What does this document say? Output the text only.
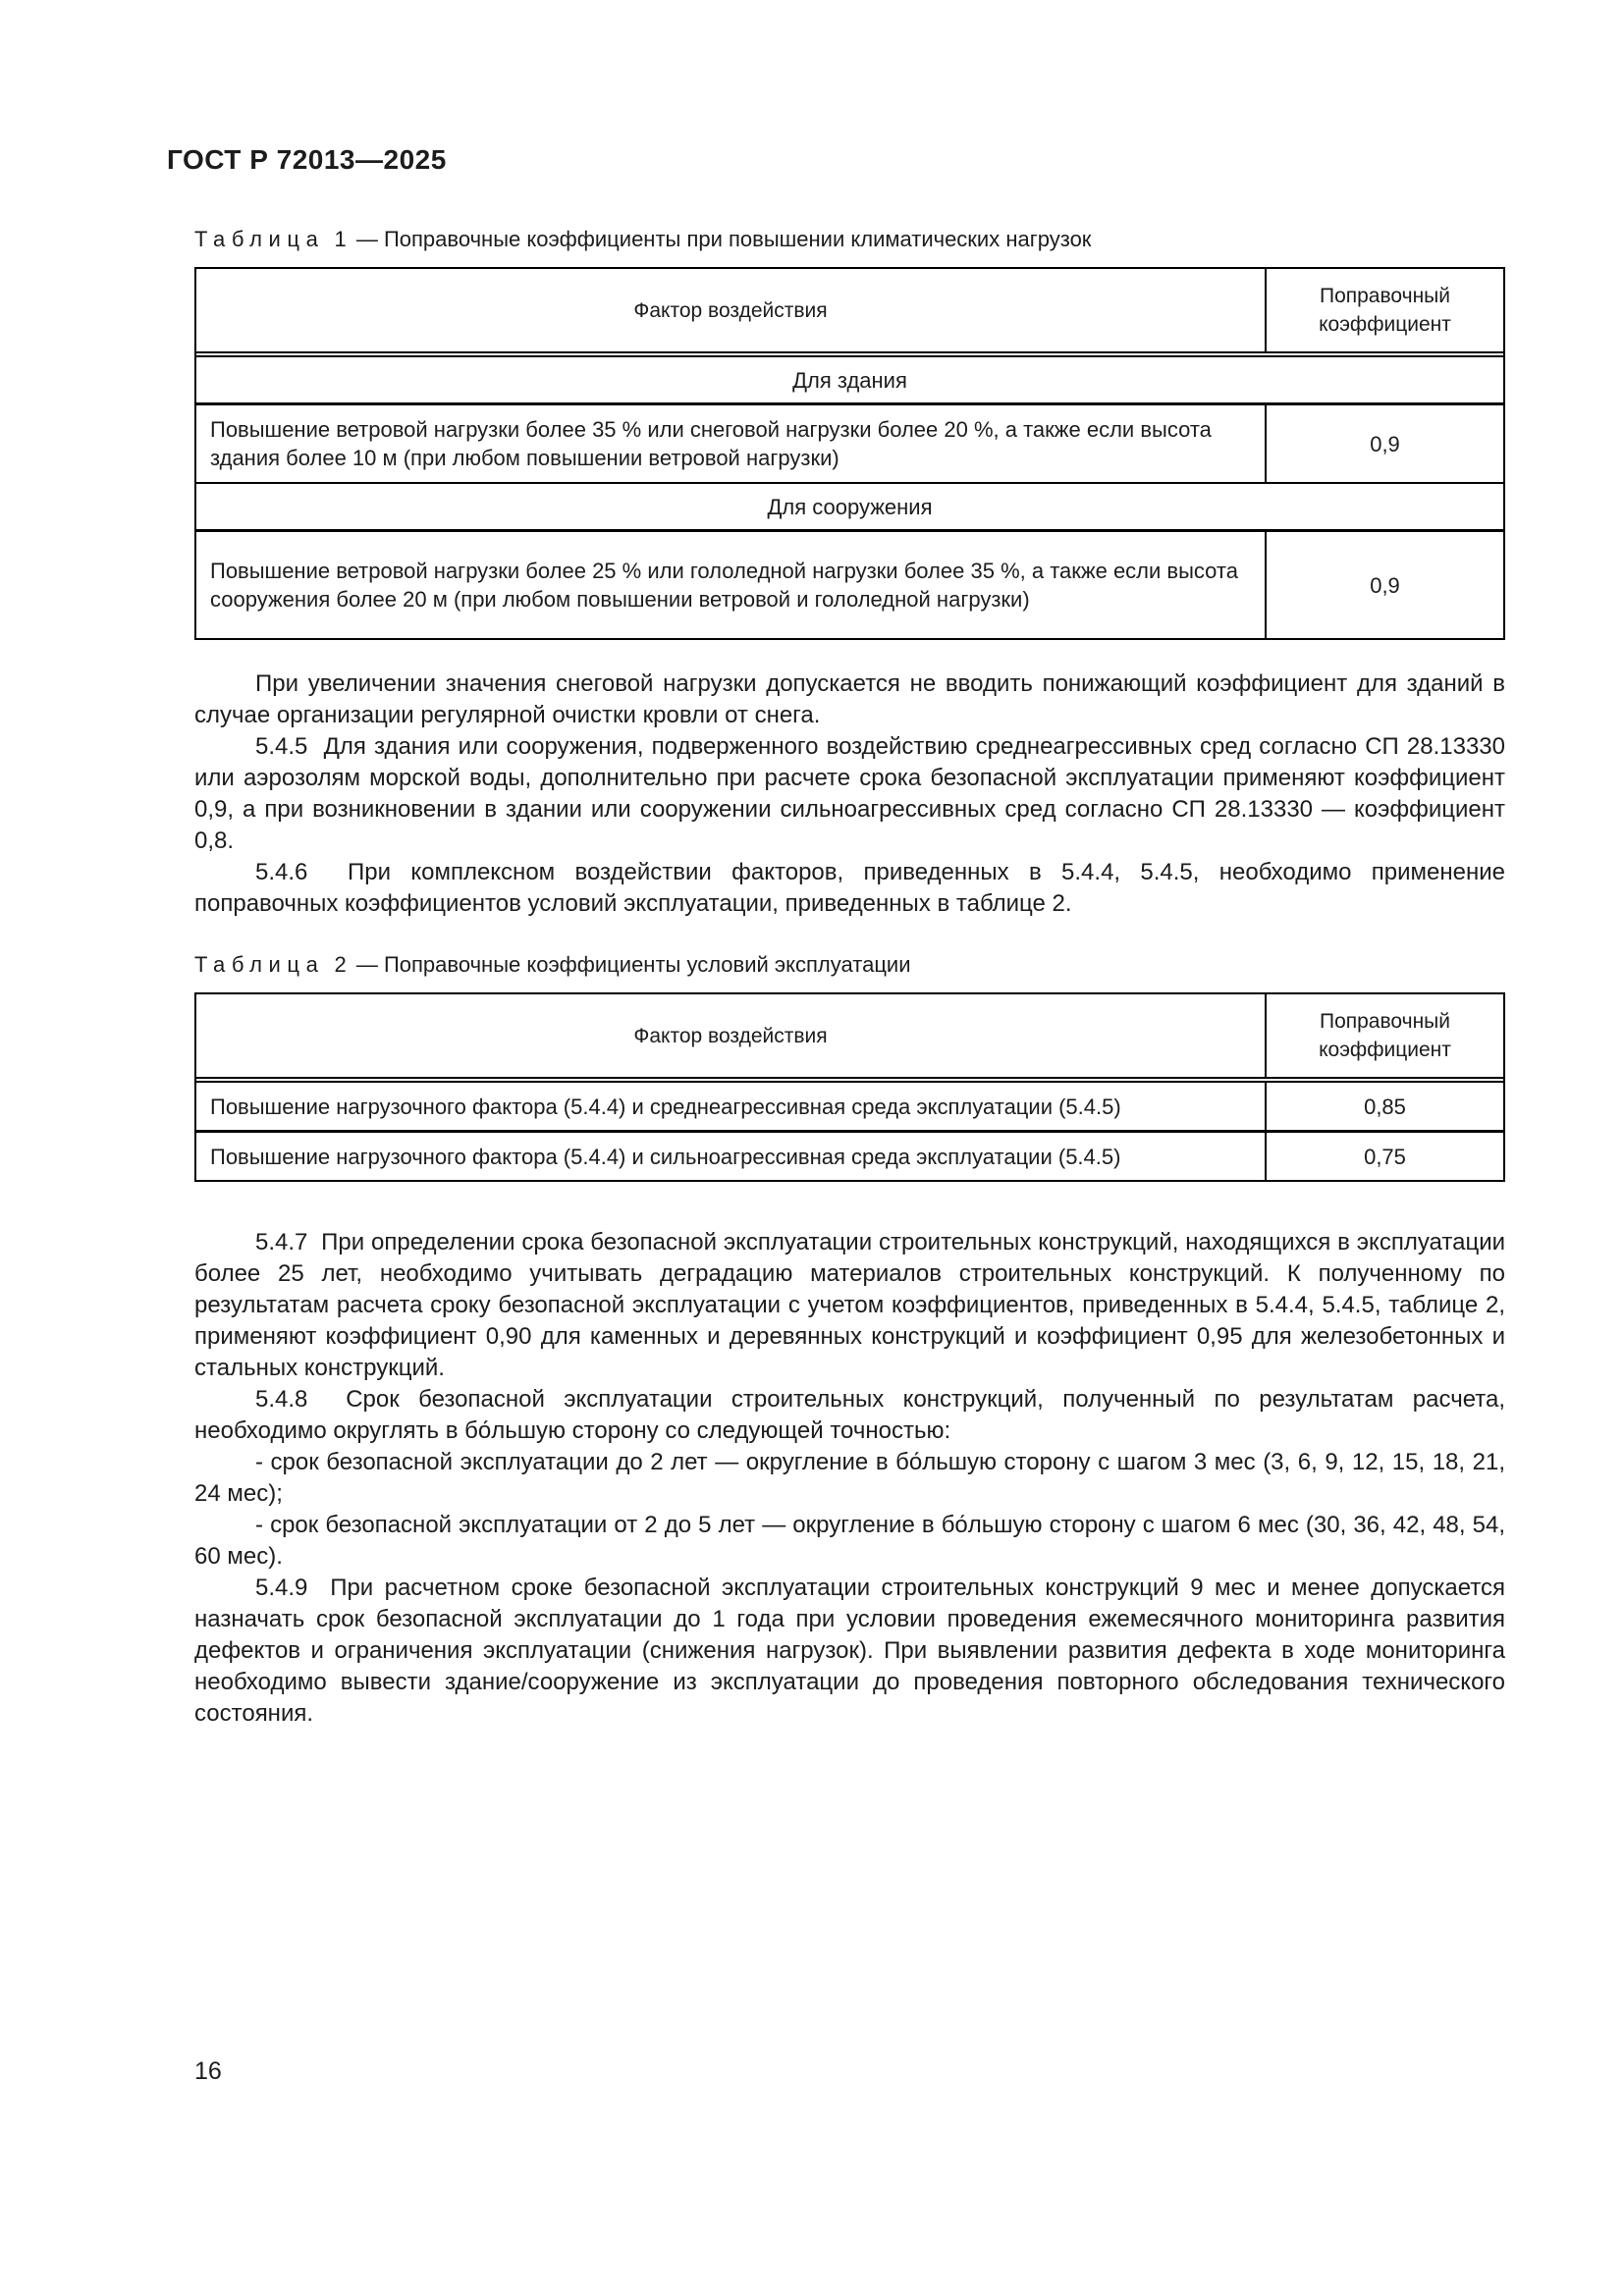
ГОСТ Р 72013—2025
Таблица 1 — Поправочные коэффициенты при повышении климатических нагрузок
Фактор воздействия
Поправочный коэффициент
Для здания
Повышение ветровой нагрузки более 35 % или снеговой нагрузки более 20 %, а также если высота здания более 10 м (при любом повышении ветровой нагрузки)
0,9
Для сооружения
Повышение ветровой нагрузки более 25 % или гололедной нагрузки более 35 %, а также если высота сооружения более 20 м (при любом повышении ветровой и гололедной нагрузки)
0,9

При увеличении значения снеговой нагрузки допускается не вводить понижающий коэффициент для зданий в случае организации регулярной очистки кровли от снега.

5.4.5  Для здания или сооружения, подверженного воздействию среднеагрессивных сред согласно СП 28.13330 или аэрозолям морской воды, дополнительно при расчете срока безопасной эксплуатации применяют коэффициент 0,9, а при возникновении в здании или сооружении сильноагрессивных сред согласно СП 28.13330 — коэффициент 0,8.

5.4.6  При комплексном воздействии факторов, приведенных в 5.4.4, 5.4.5, необходимо применение поправочных коэффициентов условий эксплуатации, приведенных в таблице 2.

Таблица 2 — Поправочные коэффициенты условий эксплуатации
Фактор воздействия
Поправочный коэффициент
Повышение нагрузочного фактора (5.4.4) и среднеагрессивная среда эксплуатации (5.4.5)	0,85
Повышение нагрузочного фактора (5.4.4) и сильноагрессивная среда эксплуатации (5.4.5)	0,75

5.4.7  При определении срока безопасной эксплуатации строительных конструкций, находящихся в эксплуатации более 25 лет, необходимо учитывать деградацию материалов строительных конструкций. К полученному по результатам расчета сроку безопасной эксплуатации с учетом коэффициентов, приведенных в 5.4.4, 5.4.5, таблице 2, применяют коэффициент 0,90 для каменных и деревянных конструкций и коэффициент 0,95 для железобетонных и стальных конструкций.

5.4.8  Срок безопасной эксплуатации строительных конструкций, полученный по результатам расчета, необходимо округлять в бо́льшую сторону со следующей точностью:

- срок безопасной эксплуатации до 2 лет — округление в бо́льшую сторону с шагом 3 мес (3, 6, 9, 12, 15, 18, 21, 24 мес);

- срок безопасной эксплуатации от 2 до 5 лет — округление в бо́льшую сторону с шагом 6 мес (30, 36, 42, 48, 54, 60 мес).

5.4.9  При расчетном сроке безопасной эксплуатации строительных конструкций 9 мес и менее допускается назначать срок безопасной эксплуатации до 1 года при условии проведения ежемесячного мониторинга развития дефектов и ограничения эксплуатации (снижения нагрузок). При выявлении развития дефекта в ходе мониторинга необходимо вывести здание/сооружение из эксплуатации до проведения повторного обследования технического состояния.

16
